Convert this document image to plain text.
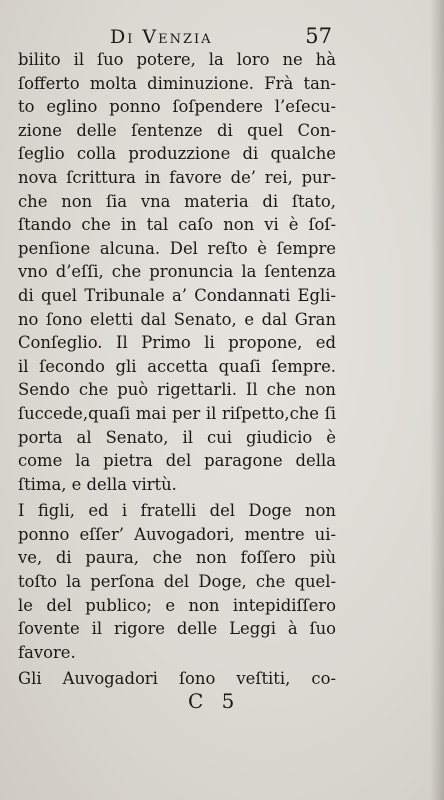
Di Venzia	57
bilito il ſuo potere, la loro ne hà
ſofferto molta diminuzione. Frà tan-
to eglino ponno ſoſpendere l’eſecu-
zione delle ſentenze di quel Con-
ſeglio colla produzzione di qualche
nova ſcrittura in favore de’ rei, pur-
che non ſia vna materia di ſtato,
ſtando che in tal caſo non vi è ſoſ-
penſione alcuna. Del reſto è ſempre
vno d’eſſi, che pronuncia la ſentenza
di quel Tribunale a’ Condannati Egli-
no ſono eletti dal Senato, e dal Gran
Conſeglio. Il Primo li propone, ed
il ſecondo gli accetta quaſi ſempre.
Sendo che può rigettarli. Il che non
ſuccede,quaſi mai per il riſpetto,che ſi
porta al Senato, il cui giudicio è
come la pietra del paragone della
ſtima, e della virtù.
I figli, ed i fratelli del Doge non
ponno eſſer’ Auvogadori, mentre ui-
ve, di paura, che non foſſero più
toſto la perſona del Doge, che quel-
le del publico; e non intepidiſſero
ſovente il rigore delle Leggi à ſuo
favore.
Gli Auvogadori ſono veſtiti, co-
C 5
